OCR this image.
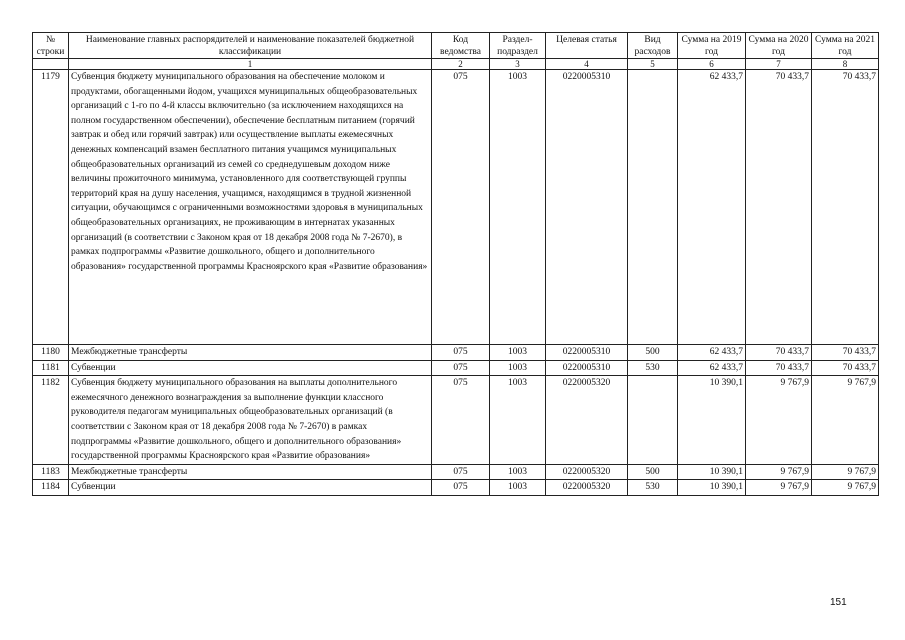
№ строки	Наименование главных распорядителей и наименование показателей бюджетной классификации	Код ведомства	Раздел- подраздел	Целевая статья	Вид расходов	Сумма на 2019 год	Сумма на 2020 год	Сумма на 2021 год
	1	2	3	4	5	6	7	8
1179	Субвенция бюджету муниципального образования на обеспечение молоком и продуктами, обогащенными йодом, учащихся муниципальных общеобразовательных организаций с 1-го по 4-й классы включительно (за исключением находящихся на полном государственном обеспечении), обеспечение бесплатным питанием (горячий завтрак и обед или горячий завтрак) или осуществление выплаты ежемесячных денежных компенсаций взамен бесплатного питания учащимся муниципальных общеобразовательных организаций из семей со среднедушевым доходом ниже величины прожиточного минимума, установленного для соответствующей группы территорий края на душу населения, учащимся, находящимся в трудной жизненной ситуации, обучающимся с ограниченными возможностями здоровья в муниципальных общеобразовательных организациях, не проживающим в интернатах указанных организаций (в соответствии с Законом края от 18 декабря 2008 года № 7-2670), в рамках подпрограммы «Развитие дошкольного, общего и дополнительного образования» государственной программы Красноярского края «Развитие образования»	075	1003	0220005310		62 433,7	70 433,7	70 433,7
1180	Межбюджетные трансферты	075	1003	0220005310	500	62 433,7	70 433,7	70 433,7
1181	Субвенции	075	1003	0220005310	530	62 433,7	70 433,7	70 433,7
1182	Субвенция бюджету муниципального образования на выплаты дополнительного ежемесячного денежного вознаграждения за выполнение функции классного руководителя педагогам муниципальных общеобразовательных организаций (в соответствии с Законом края от 18 декабря 2008 года № 7-2670) в рамках подпрограммы «Развитие дошкольного, общего и дополнительного образования» государственной программы Красноярского края «Развитие образования»	075	1003	0220005320		10 390,1	9 767,9	9 767,9
1183	Межбюджетные трансферты	075	1003	0220005320	500	10 390,1	9 767,9	9 767,9
1184	Субвенции	075	1003	0220005320	530	10 390,1	9 767,9	9 767,9
151
